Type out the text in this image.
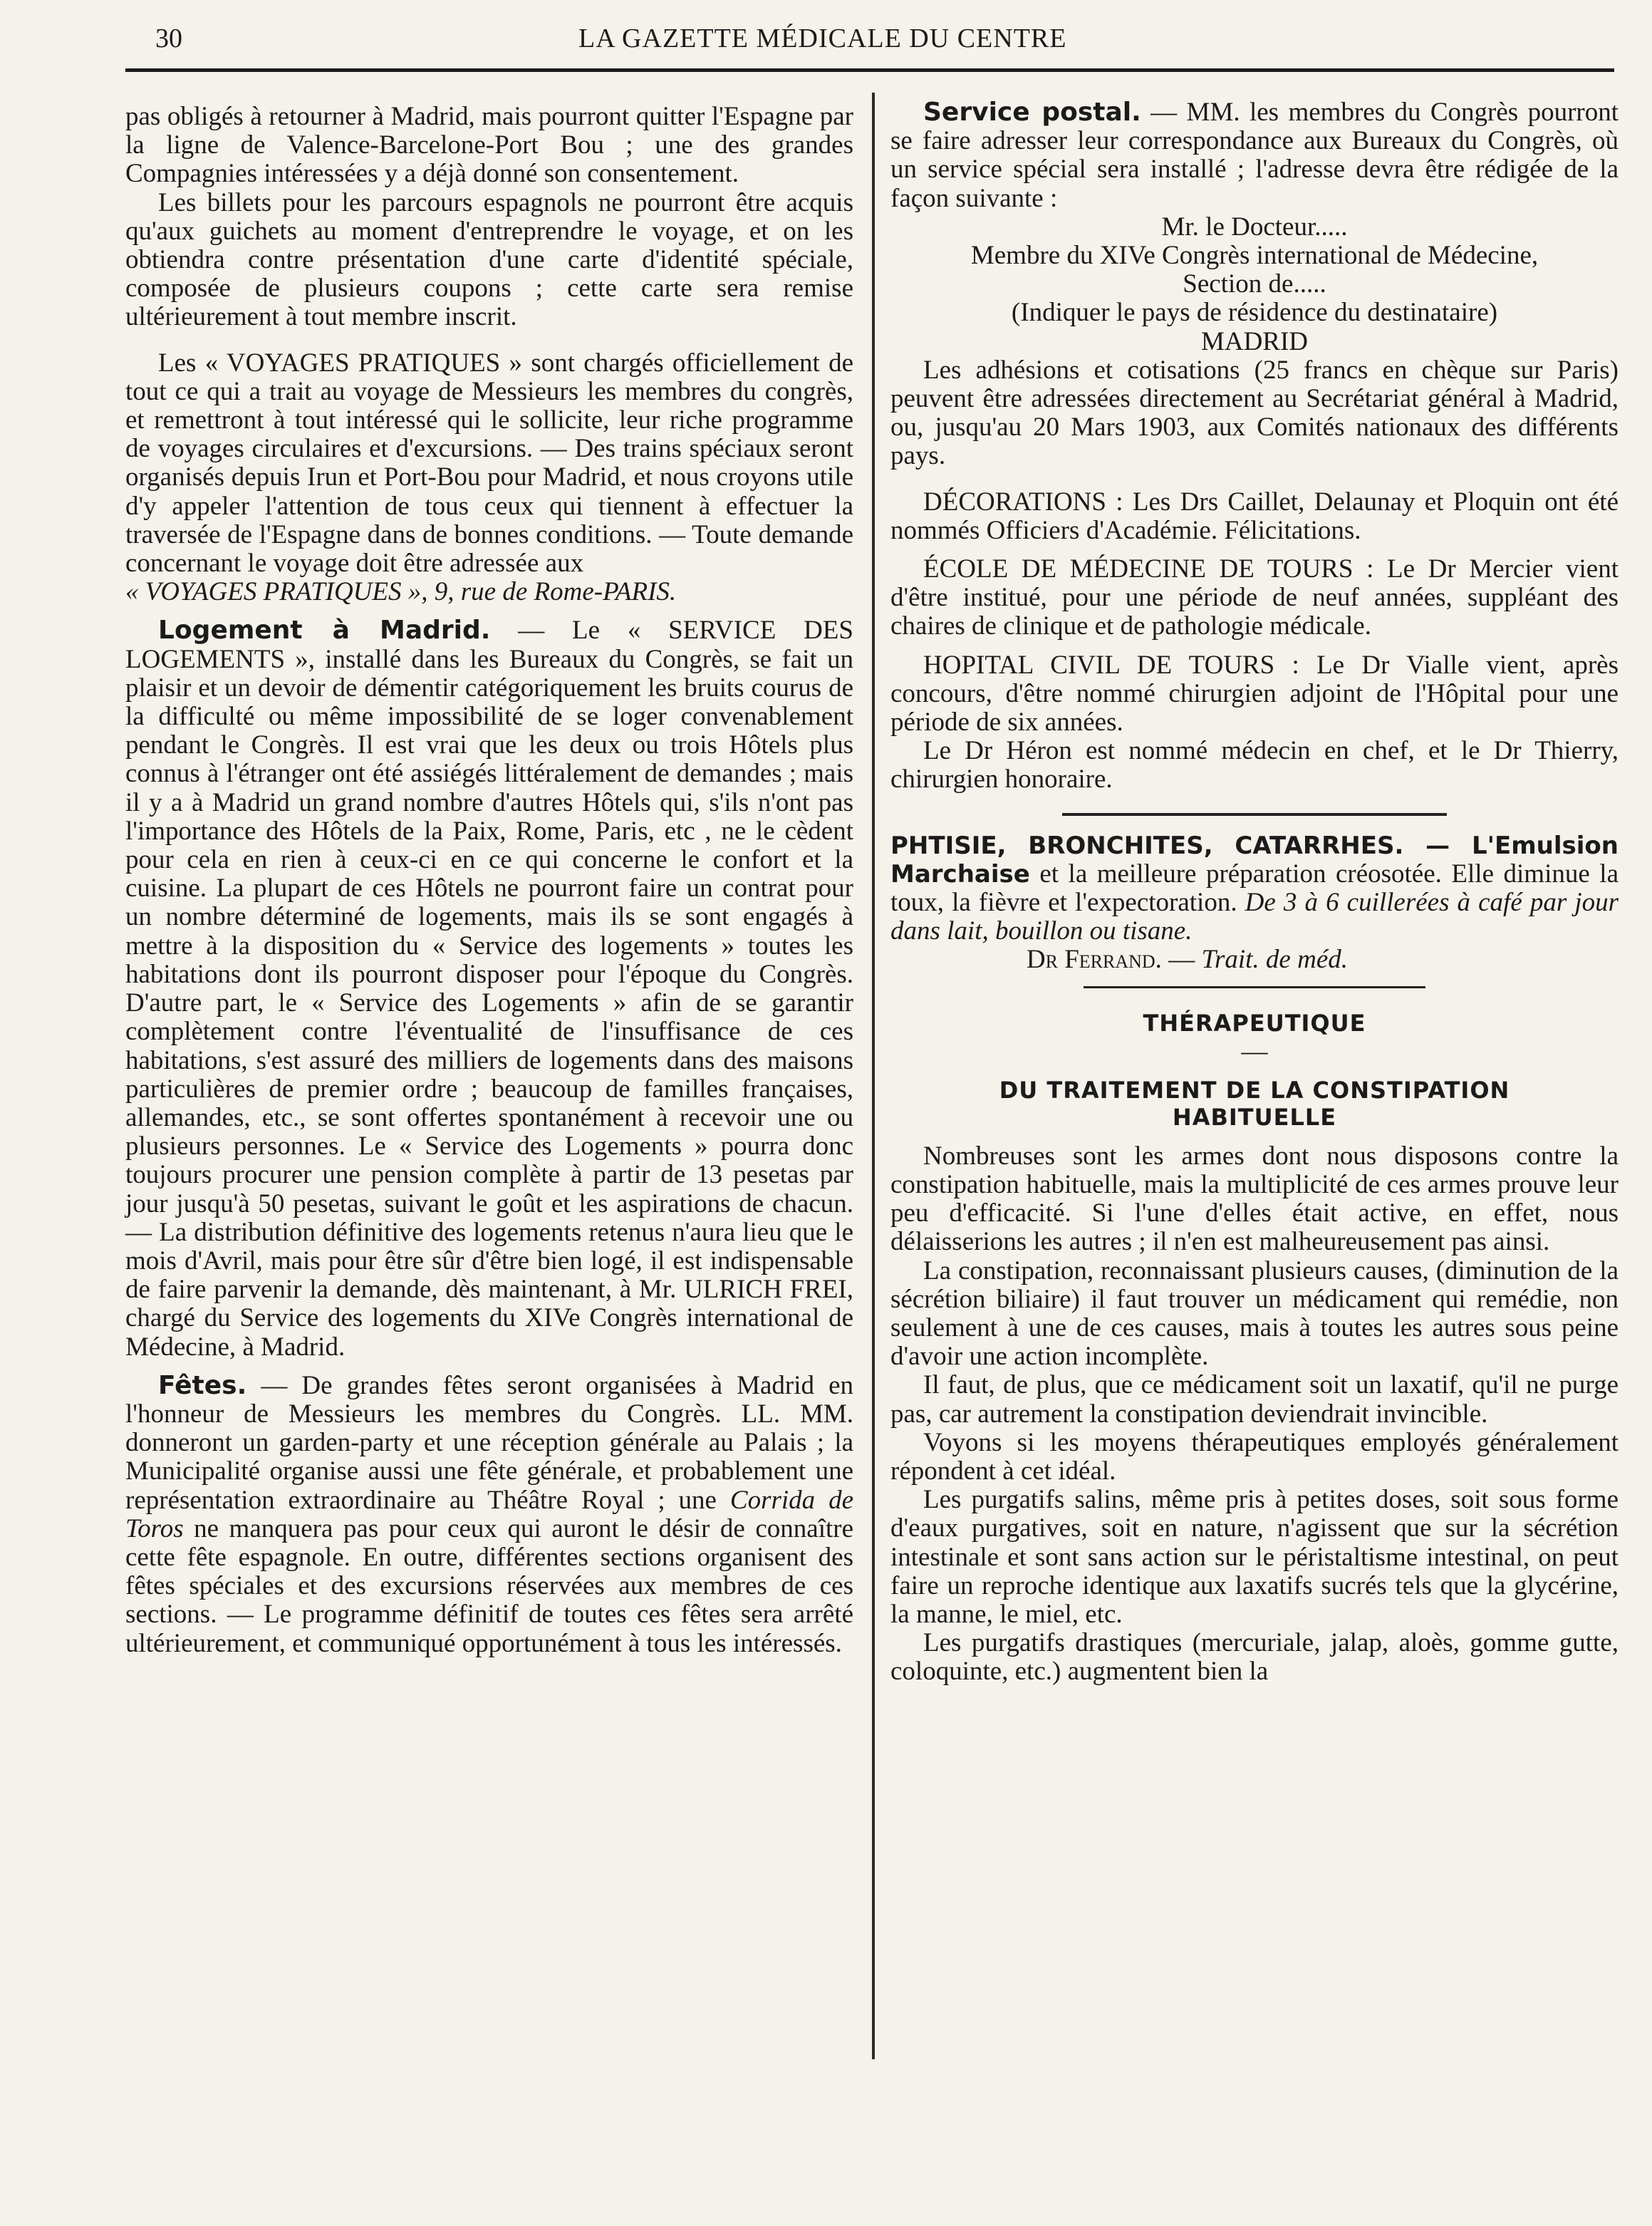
30	LA GAZETTE MÉDICALE DU CENTRE

pas obligés à retourner à Madrid, mais pourront quitter l'Espagne par la ligne de Valence-Barcelone-Port Bou ; une des grandes Compagnies intéressées y a déjà donné son consentement.

Les billets pour les parcours espagnols ne pourront être acquis qu'aux guichets au moment d'entreprendre le voyage, et on les obtiendra contre présentation d'une carte d'identité spéciale, composée de plusieurs coupons ; cette carte sera remise ultérieurement à tout membre inscrit.

Les « VOYAGES PRATIQUES » sont chargés officiellement de tout ce qui a trait au voyage de Messieurs les membres du congrès, et remettront à tout intéressé qui le sollicite, leur riche programme de voyages circulaires et d'excursions. — Des trains spéciaux seront organisés depuis Irun et Port-Bou pour Madrid, et nous croyons utile d'y appeler l'attention de tous ceux qui tiennent à effectuer la traversée de l'Espagne dans de bonnes conditions. — Toute demande concernant le voyage doit être adressée aux
« VOYAGES PRATIQUES », 9, rue de Rome-PARIS.

Logement à Madrid. — Le « SERVICE DES LOGEMENTS », installé dans les Bureaux du Congrès, se fait un plaisir et un devoir de démentir catégoriquement les bruits courus de la difficulté ou même impossibilité de se loger convenablement pendant le Congrès. Il est vrai que les deux ou trois Hôtels plus connus à l'étranger ont été assiégés littéralement de demandes ; mais il y a à Madrid un grand nombre d'autres Hôtels qui, s'ils n'ont pas l'importance des Hôtels de la Paix, Rome, Paris, etc , ne le cèdent pour cela en rien à ceux-ci en ce qui concerne le confort et la cuisine. La plupart de ces Hôtels ne pourront faire un contrat pour un nombre déterminé de logements, mais ils se sont engagés à mettre à la disposition du « Service des logements » toutes les habitations dont ils pourront disposer pour l'époque du Congrès. D'autre part, le « Service des Logements » afin de se garantir complètement contre l'éventualité de l'insuffisance de ces habitations, s'est assuré des milliers de logements dans des maisons particulières de premier ordre ; beaucoup de familles françaises, allemandes, etc., se sont offertes spontanément à recevoir une ou plusieurs personnes. Le « Service des Logements » pourra donc toujours procurer une pension complète à partir de 13 pesetas par jour jusqu'à 50 pesetas, suivant le goût et les aspirations de chacun. — La distribution définitive des logements retenus n'aura lieu que le mois d'Avril, mais pour être sûr d'être bien logé, il est indispensable de faire parvenir la demande, dès maintenant, à Mr. ULRICH FREI, chargé du Service des logements du XIVe Congrès international de Médecine, à Madrid.

Fêtes. — De grandes fêtes seront organisées à Madrid en l'honneur de Messieurs les membres du Congrès. LL. MM. donneront un garden-party et une réception générale au Palais ; la Municipalité organise aussi une fête générale, et probablement une représentation extraordinaire au Théâtre Royal ; une Corrida de Toros ne manquera pas pour ceux qui auront le désir de connaître cette fête espagnole. En outre, différentes sections organisent des fêtes spéciales et des excursions réservées aux membres de ces sections. — Le programme définitif de toutes ces fêtes sera arrêté ultérieurement, et communiqué opportunément à tous les intéressés.

Service postal. — MM. les membres du Congrès pourront se faire adresser leur correspondance aux Bureaux du Congrès, où un service spécial sera installé ; l'adresse devra être rédigée de la façon suivante :

Mr. le Docteur.....

Membre du XIVe Congrès international de Médecine,

Section de.....

(Indiquer le pays de résidence du destinataire)

MADRID

Les adhésions et cotisations (25 francs en chèque sur Paris) peuvent être adressées directement au Secrétariat général à Madrid, ou, jusqu'au 20 Mars 1903, aux Comités nationaux des différents pays.

DÉCORATIONS : Les Drs Caillet, Delaunay et Ploquin ont été nommés Officiers d'Académie. Félicitations.

ÉCOLE DE MÉDECINE DE TOURS : Le Dr Mercier vient d'être institué, pour une période de neuf années, suppléant des chaires de clinique et de pathologie médicale.

HOPITAL CIVIL DE TOURS : Le Dr Vialle vient, après concours, d'être nommé chirurgien adjoint de l'Hôpital pour une période de six années.

Le Dr Héron est nommé médecin en chef, et le Dr Thierry, chirurgien honoraire.

PHTISIE, BRONCHITES, CATARRHES. — L'Emulsion Marchaise et la meilleure préparation créosotée. Elle diminue la toux, la fièvre et l'expectoration. De 3 à 6 cuillerées à café par jour dans lait, bouillon ou tisane.

Dr Ferrand. — Trait. de méd.

THÉRAPEUTIQUE
—
DU TRAITEMENT DE LA CONSTIPATION HABITUELLE

Nombreuses sont les armes dont nous disposons contre la constipation habituelle, mais la multiplicité de ces armes prouve leur peu d'efficacité. Si l'une d'elles était active, en effet, nous délaisserions les autres ; il n'en est malheureusement pas ainsi.

La constipation, reconnaissant plusieurs causes, (diminution de la sécrétion biliaire) il faut trouver un médicament qui remédie, non seulement à une de ces causes, mais à toutes les autres sous peine d'avoir une action incomplète.

Il faut, de plus, que ce médicament soit un laxatif, qu'il ne purge pas, car autrement la constipation deviendrait invincible.

Voyons si les moyens thérapeutiques employés généralement répondent à cet idéal.

Les purgatifs salins, même pris à petites doses, soit sous forme d'eaux purgatives, soit en nature, n'agissent que sur la sécrétion intestinale et sont sans action sur le péristaltisme intestinal, on peut faire un reproche identique aux laxatifs sucrés tels que la glycérine, la manne, le miel, etc.

Les purgatifs drastiques (mercuriale, jalap, aloès, gomme gutte, coloquinte, etc.) augmentent bien la
